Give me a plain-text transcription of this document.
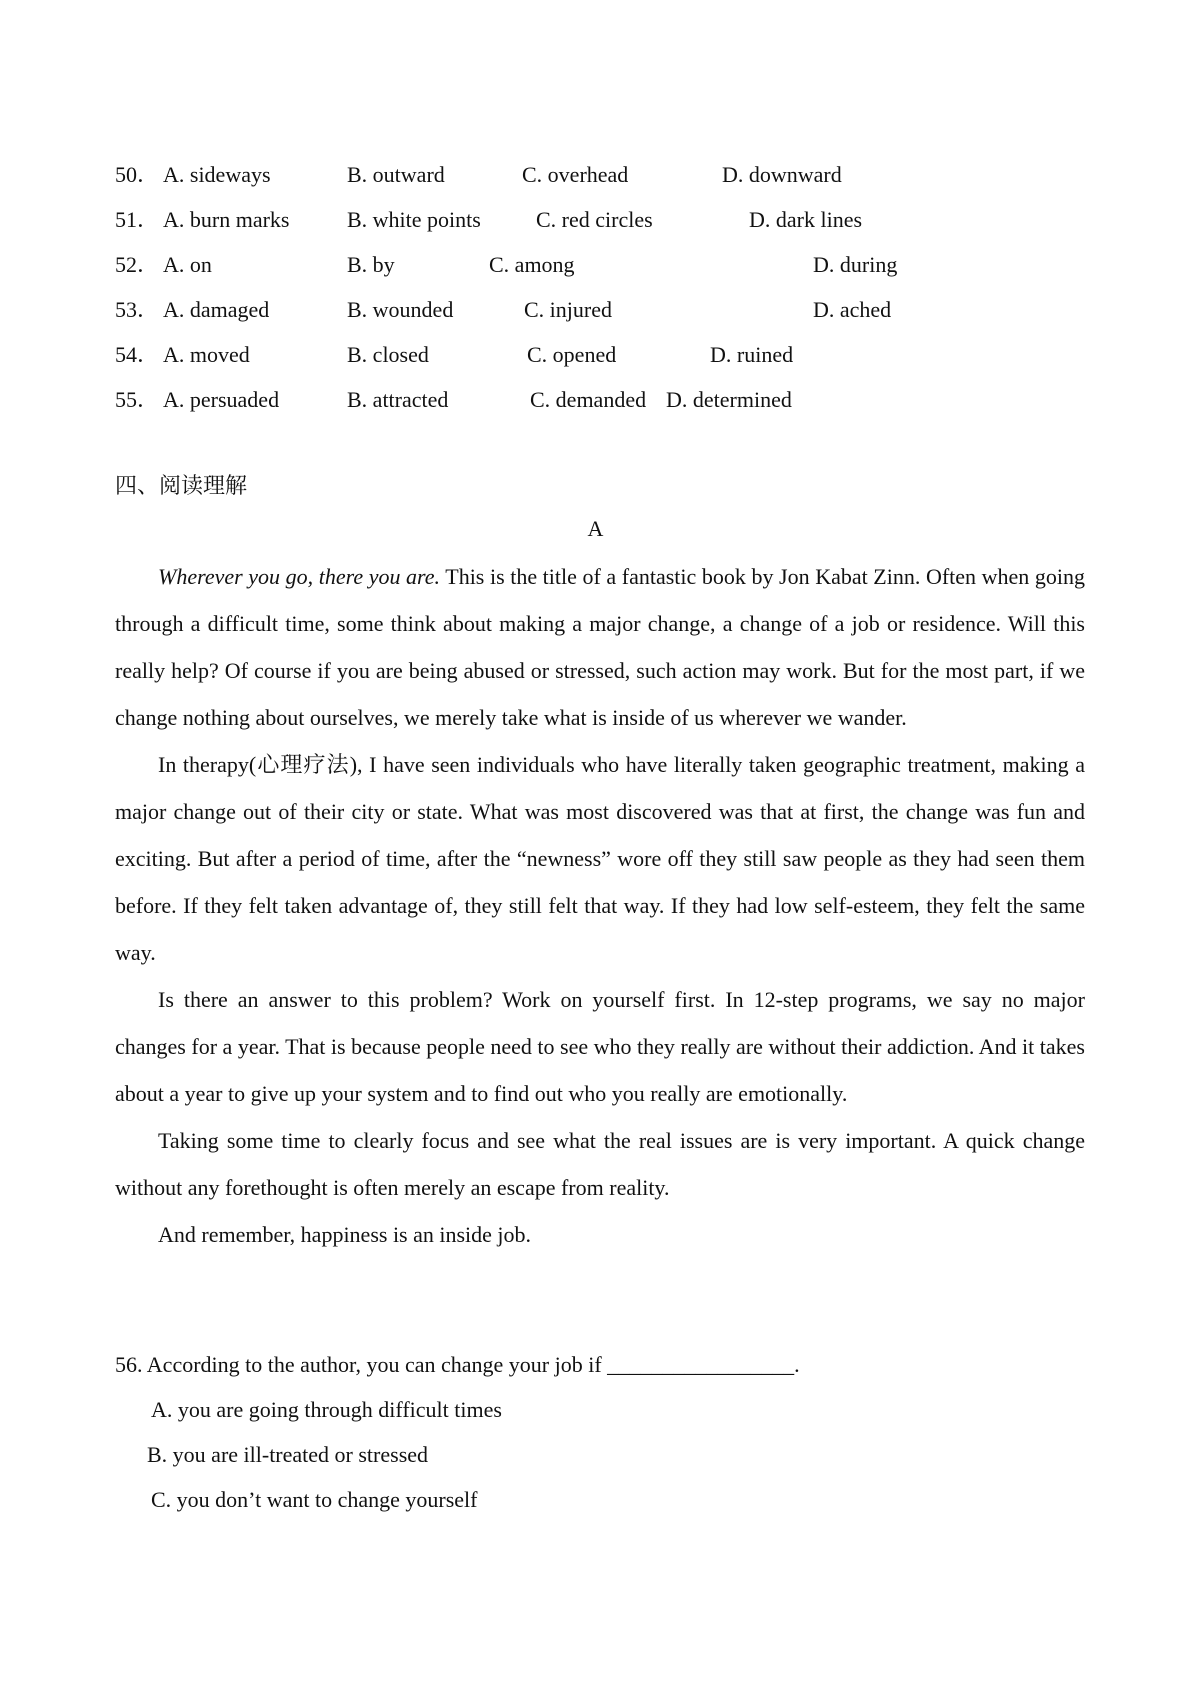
50． A. sideways	B. outward	C. overhead	D. downward
51． A. burn marks	B. white points	C. red circles	D. dark lines
52． A. on	B. by	C. among	D. during
53． A. damaged	B. wounded	C. injured	D. ached
54． A. moved	B. closed	C. opened	D. ruined
55． A. persuaded	B. attracted	C. demanded D. determined
四、阅读理解
A

Wherever you go, there you are. This is the title of a fantastic book by Jon Kabat Zinn. Often when going through a difficult time, some think about making a major change, a change of a job or residence. Will this really help? Of course if you are being abused or stressed, such action may work. But for the most part, if we change nothing about ourselves, we merely take what is inside of us wherever we wander.

In therapy(心理疗法), I have seen individuals who have literally taken geographic treatment, making a major change out of their city or state. What was most discovered was that at first, the change was fun and exciting. But after a period of time, after the “newness” wore off they still saw people as they had seen them before. If they felt taken advantage of, they still felt that way. If they had low self-esteem, they felt the same way.

Is there an answer to this problem? Work on yourself first. In 12-step programs, we say no major changes for a year. That is because people need to see who they really are without their addiction. And it takes about a year to give up your system and to find out who you really are emotionally.

Taking some time to clearly focus and see what the real issues are is very important. A quick change without any forethought is often merely an escape from reality.

And remember, happiness is an inside job.

56. According to the author, you can change your job if _________________.
A. you are going through difficult times
B. you are ill-treated or stressed
C. you don’t want to change yourself
